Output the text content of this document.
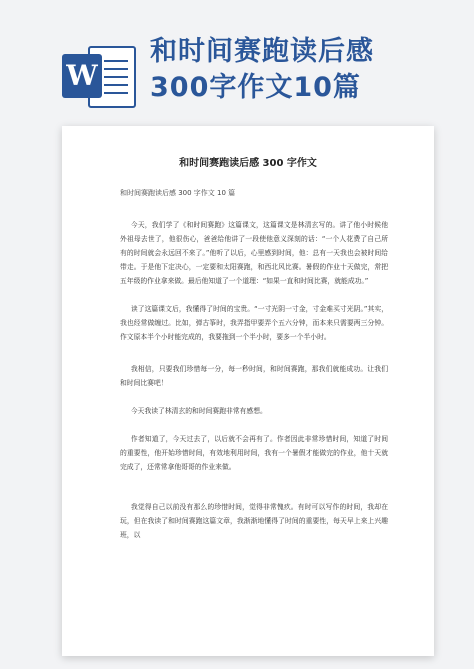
W
和时间赛跑读后感
300字作文10篇
和时间赛跑读后感 300 字作文

和时间赛跑读后感 300 字作文 10 篇

今天，我们学了《和时间赛跑》这篇课文，这篇课文是林清玄写的。讲了他小时候他外祖母去世了，他很伤心，爸爸给他讲了一段使他意义深刻的话：“一个人花费了自己所有的时间就会永远回不来了。”他听了以后，心里感到时间，他：总有一天我也会被时间给带走。于是他下定决心，一定要和太阳赛跑，和西北风比赛。暑假的作业十天做完，常把五年级的作业拿来做。最后他知道了一个道理：“如果一直和时间比赛，就能成功。”

读了这篇课文后，我懂得了时间的宝贵。“一寸光阴一寸金，寸金难买寸光阴。”其实，我也经常做缠过。比如，弹古筝时，我弄指甲要弄个五六分钟，而本来只需要两三分钟。作文原本半个小时能完成的，我要拖到一个半小时，要多一个半小时。

我相信，只要我们珍惜每一分，每一秒时间，和时间赛跑，那我们就能成功。让我们和时间比赛吧！

今天我读了林清玄的和时间赛跑非常有感想。

作者知道了，今天过去了，以后就不会再有了。作者因此非常珍惜时间，知道了时间的重要性，他开始珍惜时间，有效地利用时间，我有一个暑假才能做完的作业，他十天就完成了，还常常拿他哥哥的作业来做。

我觉得自己以前没有那么的珍惜时间，觉得非常愧疚。有时可以写作的时间，我却在玩，但在我读了和时间赛跑这篇文章，我渐渐地懂得了时间的重要性，每天早上来上兴趣班，以
